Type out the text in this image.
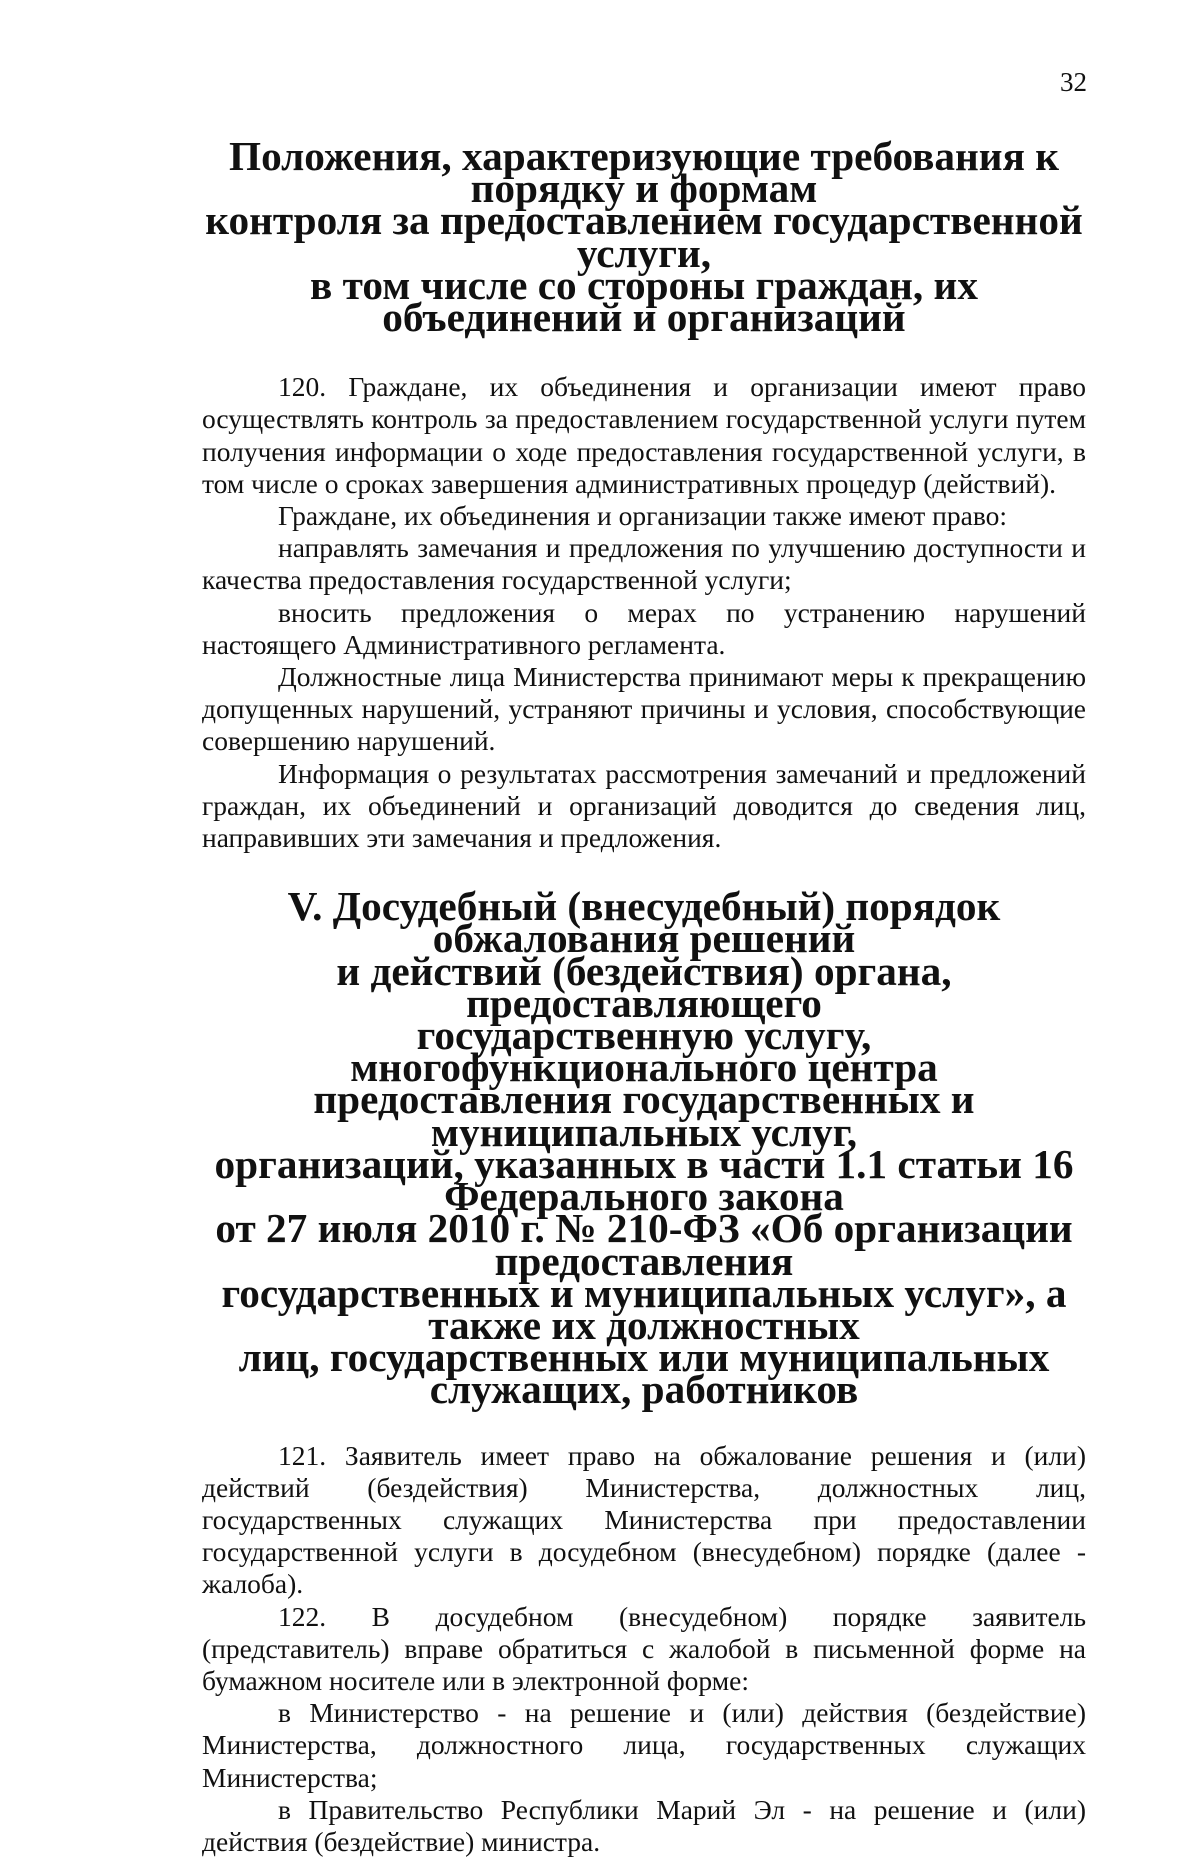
32
Положения, характеризующие требования к порядку и формам
контроля за предоставлением государственной услуги,
в том числе со стороны граждан, их объединений и организаций

120. Граждане, их объединения и организации имеют право осуществлять контроль за предоставлением государственной услуги путем получения информации о ходе предоставления государственной услуги, в том числе о сроках завершения административных процедур (действий).

Граждане, их объединения и организации также имеют право:

направлять замечания и предложения по улучшению доступности и качества предоставления государственной услуги;

вносить предложения о мерах по устранению нарушений настоящего Административного регламента.

Должностные лица Министерства принимают меры к прекращению допущенных нарушений, устраняют причины и условия, способствующие совершению нарушений.

Информация о результатах рассмотрения замечаний и предложений граждан, их объединений и организаций доводится до сведения лиц, направивших эти замечания и предложения.

V. Досудебный (внесудебный) порядок обжалования решений
и действий (бездействия) органа, предоставляющего
государственную услугу, многофункционального центра
предоставления государственных и муниципальных услуг,
организаций, указанных в части 1.1 статьи 16 Федерального закона
от 27 июля 2010 г. № 210-ФЗ «Об организации предоставления
государственных и муниципальных услуг», а также их должностных
лиц, государственных или муниципальных служащих, работников

121. Заявитель имеет право на обжалование решения и (или) действий (бездействия) Министерства, должностных лиц, государственных служащих Министерства при предоставлении государственной услуги в досудебном (внесудебном) порядке (далее - жалоба).

122. В досудебном (внесудебном) порядке заявитель (представитель) вправе обратиться с жалобой в письменной форме на бумажном носителе или в электронной форме:

в Министерство - на решение и (или) действия (бездействие) Министерства, должностного лица, государственных служащих Министерства;

в Правительство Республики Марий Эл - на решение и (или) действия (бездействие) министра.
